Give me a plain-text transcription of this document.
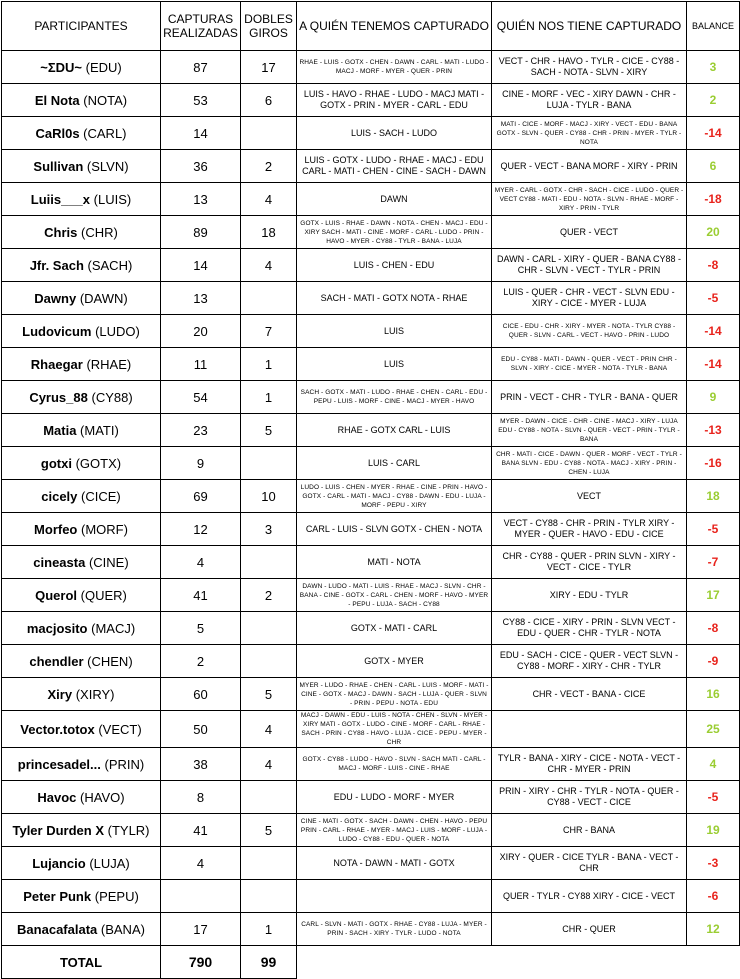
PARTICIPANTES	CAPTURAS REALIZADAS	DOBLES GIROS	A QUIÉN TENEMOS CAPTURADO	QUIÉN NOS TIENE CAPTURADO	BALANCE
~ΣDU~ (EDU)	87	17	RHAE - LUIS - GOTX - CHEN - DAWN - CARL - MATI - LUDO - MACJ - MORF - MYER - QUER - PRIN	VECT - CHR - HAVO - TYLR - CICE - CY88 - SACH - NOTA - SLVN - XIRY	3
El Nota (NOTA)	53	6	LUIS - HAVO - RHAE - LUDO - MACJ MATI - GOTX - PRIN - MYER - CARL - EDU	CINE - MORF - VEC - XIRY DAWN - CHR - LUJA - TYLR - BANA	2
CaRl0s (CARL)	14		LUIS - SACH - LUDO	MATI - CICE - MORF - MACJ - XIRY - VECT - EDU - BANA GOTX - SLVN - QUER - CY88 - CHR - PRIN - MYER - TYLR - NOTA	-14
Sullivan (SLVN)	36	2	LUIS - GOTX - LUDO - RHAE - MACJ - EDU CARL - MATI - CHEN - CINE - SACH - DAWN	QUER - VECT - BANA MORF - XIRY - PRIN	6
Luiis___x (LUIS)	13	4	DAWN	MYER - CARL - GOTX - CHR - SACH - CICE - LUDO - QUER - VECT CY88 - MATI - EDU - NOTA - SLVN - RHAE - MORF - XIRY - PRIN - TYLR	-18
Chris (CHR)	89	18	GOTX - LUIS - RHAE - DAWN - NOTA - CHEN - MACJ - EDU - XIRY SACH - MATI - CINE - MORF - CARL - LUDO - PRIN - HAVO - MYER - CY88 - TYLR - BANA - LUJA	QUER - VECT	20
Jfr. Sach (SACH)	14	4	LUIS - CHEN - EDU	DAWN - CARL - XIRY - QUER - BANA CY88 - CHR - SLVN - VECT - TYLR - PRIN	-8
Dawny (DAWN)	13		SACH - MATI - GOTX NOTA - RHAE	LUIS - QUER - CHR - VECT - SLVN EDU - XIRY - CICE - MYER - LUJA	-5
Ludovicum (LUDO)	20	7	LUIS	CICE - EDU - CHR - XIRY - MYER - NOTA - TYLR CY88 - QUER - SLVN - CARL - VECT - HAVO - PRIN - LUDO	-14
Rhaegar (RHAE)	11	1	LUIS	EDU - CY88 - MATI - DAWN - QUER - VECT - PRIN CHR - SLVN - XIRY - CICE - MYER - NOTA - TYLR - BANA	-14
Cyrus_88 (CY88)	54	1	SACH - GOTX - MATI - LUDO - RHAE - CHEN - CARL - EDU - PEPU - LUIS - MORF - CINE - MACJ - MYER - HAVO	PRIN - VECT - CHR - TYLR - BANA - QUER	9
Matia (MATI)	23	5	RHAE - GOTX CARL - LUIS	MYER - DAWN - CICE - CHR - CINE - MACJ - XIRY - LUJA EDU - CY88 - NOTA - SLVN - QUER - VECT - PRIN - TYLR - BANA	-13
gotxi (GOTX)	9		LUIS - CARL	CHR - MATI - CICE - DAWN - QUER - MORF - VECT - TYLR - BANA SLVN - EDU - CY88 - NOTA - MACJ - XIRY - PRIN - CHEN - LUJA	-16
cicely (CICE)	69	10	LUDO - LUIS - CHEN - MYER - RHAE - CINE - PRIN - HAVO - GOTX - CARL - MATI - MACJ - CY88 - DAWN - EDU - LUJA - MORF - PEPU - XIRY	VECT	18
Morfeo (MORF)	12	3	CARL - LUIS - SLVN GOTX - CHEN - NOTA	VECT - CY88 - CHR - PRIN - TYLR XIRY - MYER - QUER - HAVO - EDU - CICE	-5
cineasta (CINE)	4		MATI - NOTA	CHR - CY88 - QUER - PRIN SLVN - XIRY - VECT - CICE - TYLR	-7
Querol (QUER)	41	2	DAWN - LUDO - MATI - LUIS - RHAE - MACJ - SLVN - CHR - BANA - CINE - GOTX - CARL - CHEN - MORF - HAVO - MYER - PEPU - LUJA - SACH - CY88	XIRY - EDU - TYLR	17
macjosito (MACJ)	5		GOTX - MATI - CARL	CY88 - CICE - XIRY - PRIN - SLVN VECT - EDU - QUER - CHR - TYLR - NOTA	-8
chendler (CHEN)	2		GOTX - MYER	EDU - SACH - CICE - QUER - VECT SLVN - CY88 - MORF - XIRY - CHR - TYLR	-9
Xiry (XIRY)	60	5	MYER - LUDO - RHAE - CHEN - CARL - LUIS - MORF - MATI - CINE - GOTX - MACJ - DAWN - SACH - LUJA - QUER - SLVN - PRIN - PEPU - NOTA - EDU	CHR - VECT - BANA - CICE	16
Vector.totox (VECT)	50	4	MACJ - DAWN - EDU - LUIS - NOTA - CHEN - SLVN - MYER - XIRY MATI - GOTX - LUDO - CINE - MORF - CARL - RHAE - SACH - PRIN - CY88 - HAVO - LUJA - CICE - PEPU - MYER - CHR		25
princesadel... (PRIN)	38	4	GOTX - CY88 - LUDO - HAVO - SLVN - SACH MATI - CARL - MACJ - MORF - LUIS - CINE - RHAE	TYLR - BANA - XIRY - CICE - NOTA - VECT - CHR - MYER - PRIN	4
Havoc (HAVO)	8		EDU - LUDO - MORF - MYER	PRIN - XIRY - CHR - TYLR - NOTA - QUER - CY88 - VECT - CICE	-5
Tyler Durden X (TYLR)	41	5	CINE - MATI - GOTX - SACH - DAWN - CHEN - HAVO - PEPU PRIN - CARL - RHAE - MYER - MACJ - LUIS - MORF - LUJA - LUDO - CY88 - EDU - QUER - NOTA	CHR - BANA	19
Lujancio (LUJA)	4		NOTA - DAWN - MATI - GOTX	XIRY - QUER - CICE TYLR - BANA - VECT - CHR	-3
Peter Punk (PEPU)				QUER - TYLR - CY88 XIRY - CICE - VECT	-6
Banacafalata (BANA)	17	1	CARL - SLVN - MATI - GOTX - RHAE - CY88 - LUJA - MYER - PRIN - SACH - XIRY - TYLR - LUDO - NOTA	CHR - QUER	12
TOTAL	790	99			
